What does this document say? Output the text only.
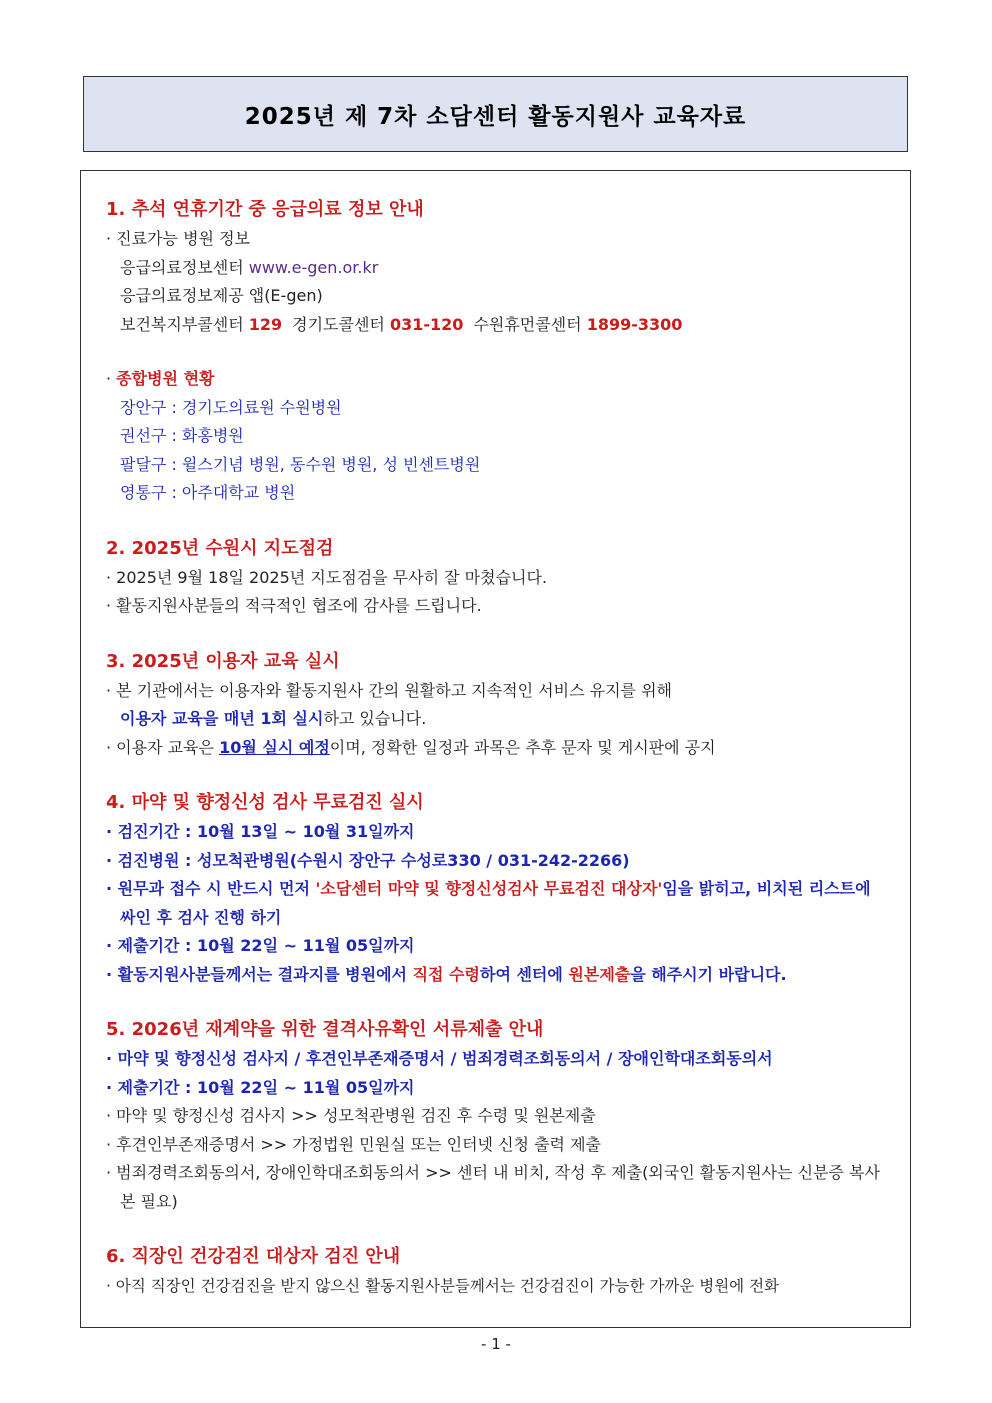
2025년 제 7차 소담센터 활동지원사 교육자료
1. 추석 연휴기간 중 응급의료 정보 안내
· 진료가능 병원 정보
응급의료정보센터 www.e-gen.or.kr
응급의료정보제공 앱(E-gen)
보건복지부콜센터 129 경기도콜센터 031-120 수원휴먼콜센터 1899-3300
· 종합병원 현황
장안구 : 경기도의료원 수원병원
권선구 : 화홍병원
팔달구 : 윌스기념 병원, 동수원 병원, 성 빈센트병원
영통구 : 아주대학교 병원
2. 2025년 수원시 지도점검
· 2025년 9월 18일 2025년 지도점검을 무사히 잘 마쳤습니다.
· 활동지원사분들의 적극적인 협조에 감사를 드립니다.
3. 2025년 이용자 교육 실시
· 본 기관에서는 이용자와 활동지원사 간의 원활하고 지속적인 서비스 유지를 위해
이용자 교육을 매년 1회 실시하고 있습니다.
· 이용자 교육은 10월 실시 예정이며, 정확한 일정과 과목은 추후 문자 및 게시판에 공지
4. 마약 및 향정신성 검사 무료검진 실시
· 검진기간 : 10월 13일 ~ 10월 31일까지
· 검진병원 : 성모척관병원(수원시 장안구 수성로330 / 031-242-2266)
· 원무과 접수 시 반드시 먼저 '소담센터 마약 및 향정신성검사 무료검진 대상자'임을 밝히고, 비치된 리스트에 싸인 후 검사 진행 하기
· 제출기간 : 10월 22일 ~ 11월 05일까지
· 활동지원사분들께서는 결과지를 병원에서 직접 수령하여 센터에 원본제출을 해주시기 바랍니다.
5. 2026년 재계약을 위한 결격사유확인 서류제출 안내
· 마약 및 향정신성 검사지 / 후견인부존재증명서 / 범죄경력조회동의서 / 장애인학대조회동의서
· 제출기간 : 10월 22일 ~ 11월 05일까지
· 마약 및 향정신성 검사지 >> 성모척관병원 검진 후 수령 및 원본제출
· 후견인부존재증명서 >> 가정법원 민원실 또는 인터넷 신청 출력 제출
· 범죄경력조회동의서, 장애인학대조회동의서 >> 센터 내 비치, 작성 후 제출(외국인 활동지원사는 신분증 복사본 필요)
6. 직장인 건강검진 대상자 검진 안내
· 아직 직장인 건강검진을 받지 않으신 활동지원사분들께서는 건강검진이 가능한 가까운 병원에 전화
- 1 -
